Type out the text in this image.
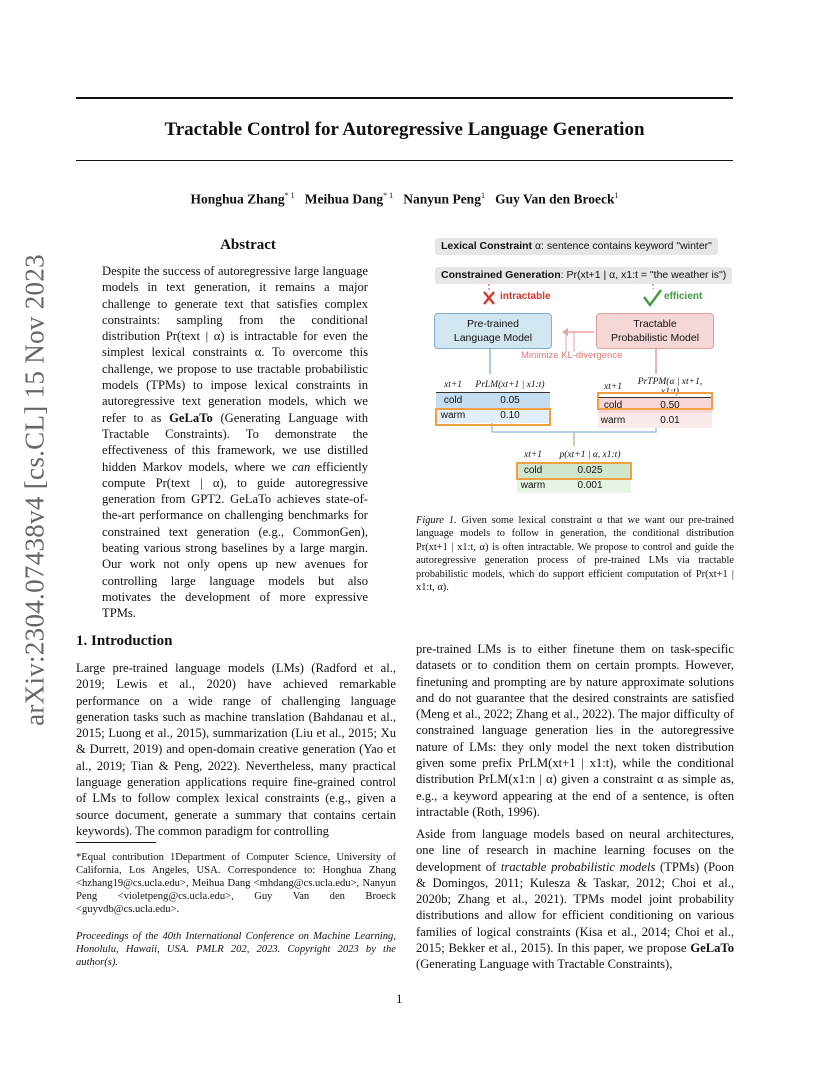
Tractable Control for Autoregressive Language Generation
Honghua Zhang$^{* 1}$ Meihua Dang$^{* 1}$ Nanyun Peng$^1$ Guy Van den Broeck$^1$
arXiv:2304.07438v4 [cs.CL] 15 Nov 2023
Abstract
Despite the success of autoregressive large language models in text generation, it remains a major challenge to generate text that satisfies complex constraints: sampling from the conditional distribution Pr(text | α) is intractable for even the simplest lexical constraints α. To overcome this challenge, we propose to use tractable probabilistic models (TPMs) to impose lexical constraints in autoregressive text generation models, which we refer to as GeLaTo (Generating Language with Tractable Constraints). To demonstrate the effectiveness of this framework, we use distilled hidden Markov models, where we can efficiently compute Pr(text | α), to guide autoregressive generation from GPT2. GeLaTo achieves state-of-the-art performance on challenging benchmarks for constrained text generation (e.g., CommonGen), beating various strong baselines by a large margin. Our work not only opens up new avenues for controlling large language models but also motivates the development of more expressive TPMs.
Lexical Constraint α: sentence contains keyword "winter"
Constrained Generation: Pr(xt+1 | α, x1:t = "the weather is")
intractable	efficient
Pre-trained
Language Model
Tractable
Probabilistic Model
Minimize KL-divergence
xt+1	PrLM(xt+1 | x1:t)
cold	0.05
warm	0.10
xt+1	PrTPM(α | xt+1, x1:t)
cold	0.50
warm	0.01
xt+1	p(xt+1 | α, x1:t)
cold	0.025
warm	0.001
Figure 1. Given some lexical constraint α that we want our pre-trained language models to follow in generation, the conditional distribution Pr(xt+1 | x1:t, α) is often intractable. We propose to control and guide the autoregressive generation process of pre-trained LMs via tractable probabilistic models, which do support efficient computation of Pr(xt+1 | x1:t, α).
1. Introduction
Large pre-trained language models (LMs) (Radford et al., 2019; Lewis et al., 2020) have achieved remarkable performance on a wide range of challenging language generation tasks such as machine translation (Bahdanau et al., 2015; Luong et al., 2015), summarization (Liu et al., 2015; Xu & Durrett, 2019) and open-domain creative generation (Yao et al., 2019; Tian & Peng, 2022). Nevertheless, many practical language generation applications require fine-grained control of LMs to follow complex lexical constraints (e.g., given a source document, generate a summary that contains certain keywords). The common paradigm for controlling
pre-trained LMs is to either finetune them on task-specific datasets or to condition them on certain prompts. However, finetuning and prompting are by nature approximate solutions and do not guarantee that the desired constraints are satisfied (Meng et al., 2022; Zhang et al., 2022). The major difficulty of constrained language generation lies in the autoregressive nature of LMs: they only model the next token distribution given some prefix PrLM(xt+1 | x1:t), while the conditional distribution PrLM(x1:n | α) given a constraint α as simple as, e.g., a keyword appearing at the end of a sentence, is often intractable (Roth, 1996).
Aside from language models based on neural architectures, one line of research in machine learning focuses on the development of tractable probabilistic models (TPMs) (Poon & Domingos, 2011; Kulesza & Taskar, 2012; Choi et al., 2020b; Zhang et al., 2021). TPMs model joint probability distributions and allow for efficient conditioning on various families of logical constraints (Kisa et al., 2014; Choi et al., 2015; Bekker et al., 2015). In this paper, we propose GeLaTo (Generating Language with Tractable Constraints),
*Equal contribution 1Department of Computer Science, University of California, Los Angeles, USA. Correspondence to: Honghua Zhang <hzhang19@cs.ucla.edu>, Meihua Dang <mhdang@cs.ucla.edu>, Nanyun Peng <violetpeng@cs.ucla.edu>, Guy Van den Broeck <guyvdb@cs.ucla.edu>.
Proceedings of the 40th International Conference on Machine Learning, Honolulu, Hawaii, USA. PMLR 202, 2023. Copyright 2023 by the author(s).
1
